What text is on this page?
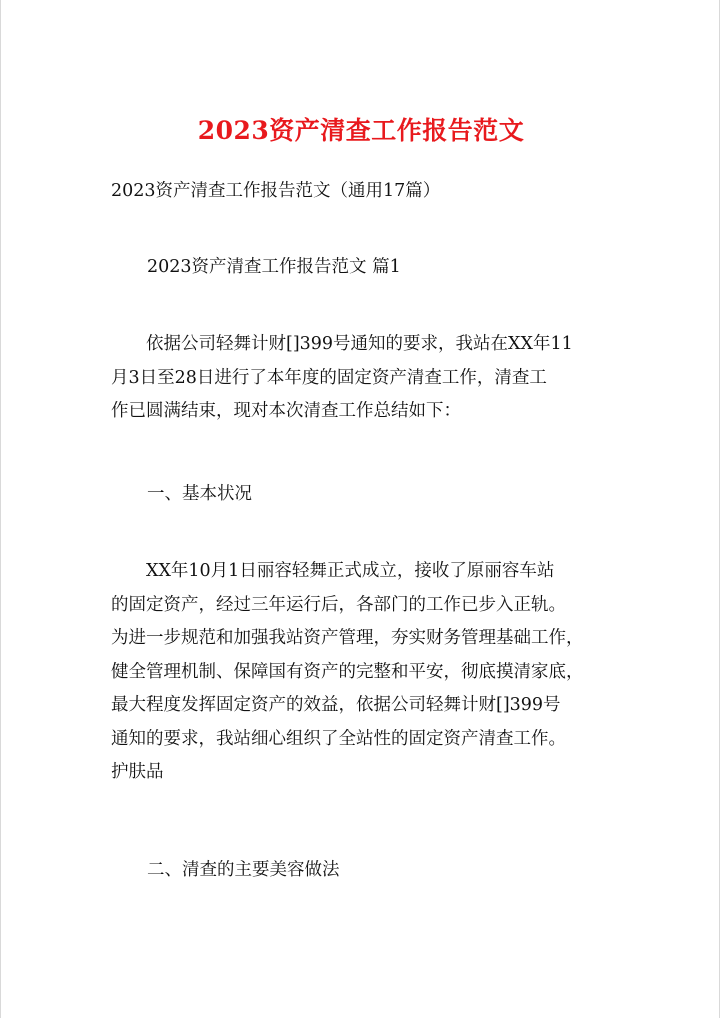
2023资产清查工作报告范文

2023资产清查工作报告范文（通用17篇）

2023资产清查工作报告范文 篇1

　　依据公司轻舞计财[]399号通知的要求，我站在XX年11
月3日至28日进行了本年度的固定资产清查工作，清查工
作已圆满结束，现对本次清查工作总结如下：

一、基本状况

　　XX年10月1日丽容轻舞正式成立，接收了原丽容车站
的固定资产，经过三年运行后，各部门的工作已步入正轨。
为进一步规范和加强我站资产管理，夯实财务管理基础工作，
健全管理机制、保障国有资产的完整和平安，彻底摸清家底，
最大程度发挥固定资产的效益，依据公司轻舞计财[]399号
通知的要求，我站细心组织了全站性的固定资产清查工作。
护肤品

二、清查的主要美容做法
